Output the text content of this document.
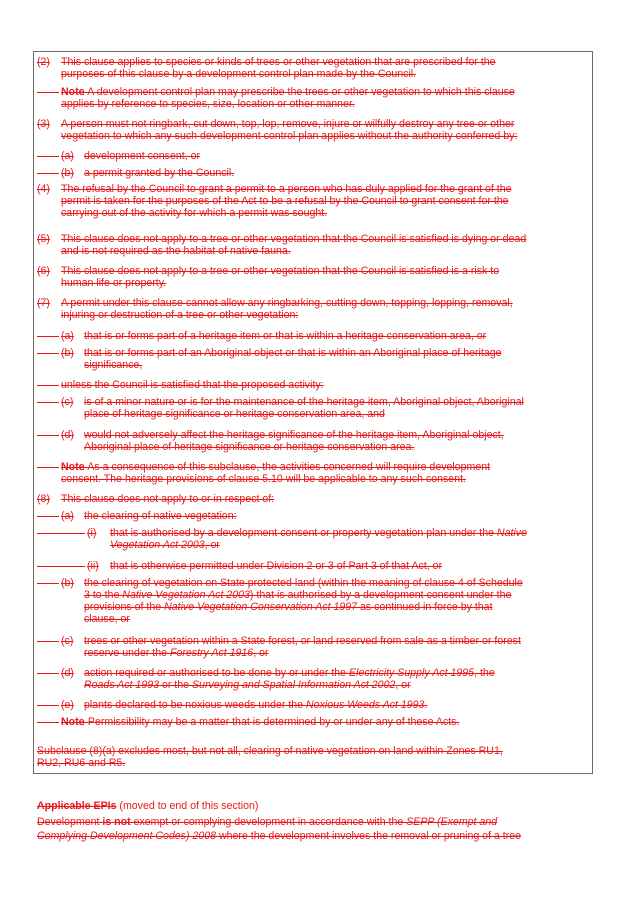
(2) This clause applies to species or kinds of trees or other vegetation that are prescribed for the
purposes of this clause by a development control plan made by the Council.
Note
. A development control plan may prescribe the trees or other vegetation to which this clause
applies by reference to species, size, location or other manner.
(3) A person must not ringbark, cut down, top, lop, remove, injure or wilfully destroy any tree or other
vegetation to which any such development control plan applies without the authority conferred by:
(a) development consent, or
(b) a permit granted by the Council.
(4) The refusal by the Council to grant a permit to a person who has duly applied for the grant of the
permit is taken for the purposes of the Act to be a refusal by the Council to grant consent for the
carrying out of the activity for which a permit was sought.
(5) This clause does not apply to a tree or other vegetation that the Council is satisfied is dying or dead
and is not required as the habitat of native fauna.
(6) This clause does not apply to a tree or other vegetation that the Council is satisfied is a risk to
human life or property.
(7) A permit under this clause cannot allow any ringbarking, cutting down, topping, lopping, removal,
injuring or destruction of a tree or other vegetation:
(a) that is or forms part of a heritage item or that is within a heritage conservation area, or
(b) that is or forms part of an Aboriginal object or that is within an Aboriginal place of heritage
significance,
unless the Council is satisfied that the proposed activity:
(c) is of a minor nature or is for the maintenance of the heritage item, Aboriginal object, Aboriginal
place of heritage significance or heritage conservation area, and
(d) would not adversely affect the heritage significance of the heritage item, Aboriginal object,
Aboriginal place of heritage significance or heritage conservation area.
Note
. As a consequence of this subclause, the activities concerned will require development
consent. The heritage provisions of clause 5.10 will be applicable to any such consent.
(8) This clause does not apply to or in respect of:
(a) the clearing of native vegetation:
(i) that is authorised by a development consent or property vegetation plan under the Native
Vegetation Act 2003, or
(ii) that is otherwise permitted under Division 2 or 3 of Part 3 of that Act, or
(b) the clearing of vegetation on State protected land (within the meaning of clause 4 of Schedule
3 to the Native Vegetation Act 2003) that is authorised by a development consent under the
provisions of the Native Vegetation Conservation Act 1997 as continued in force by that
clause, or
(c) trees or other vegetation within a State forest, or land reserved from sale as a timber or forest
reserve under the Forestry Act 1916, or
(d) action required or authorised to be done by or under the Electricity Supply Act 1995, the
Roads Act 1993 or the Surveying and Spatial Information Act 2002, or
(e) plants declared to be noxious weeds under the Noxious Weeds Act 1993.
Note
. Permissibility may be a matter that is determined by or under any of these Acts.
Subclause (8)(a) excludes most, but not all, clearing of native vegetation on land within Zones RU1,
RU2, RU6 and R5.
Applicable EPIs (moved to end of this section)
Development is not exempt or complying development in accordance with the SEPP (Exempt and
Complying Development Codes) 2008 where the development involves the removal or pruning of a tree
